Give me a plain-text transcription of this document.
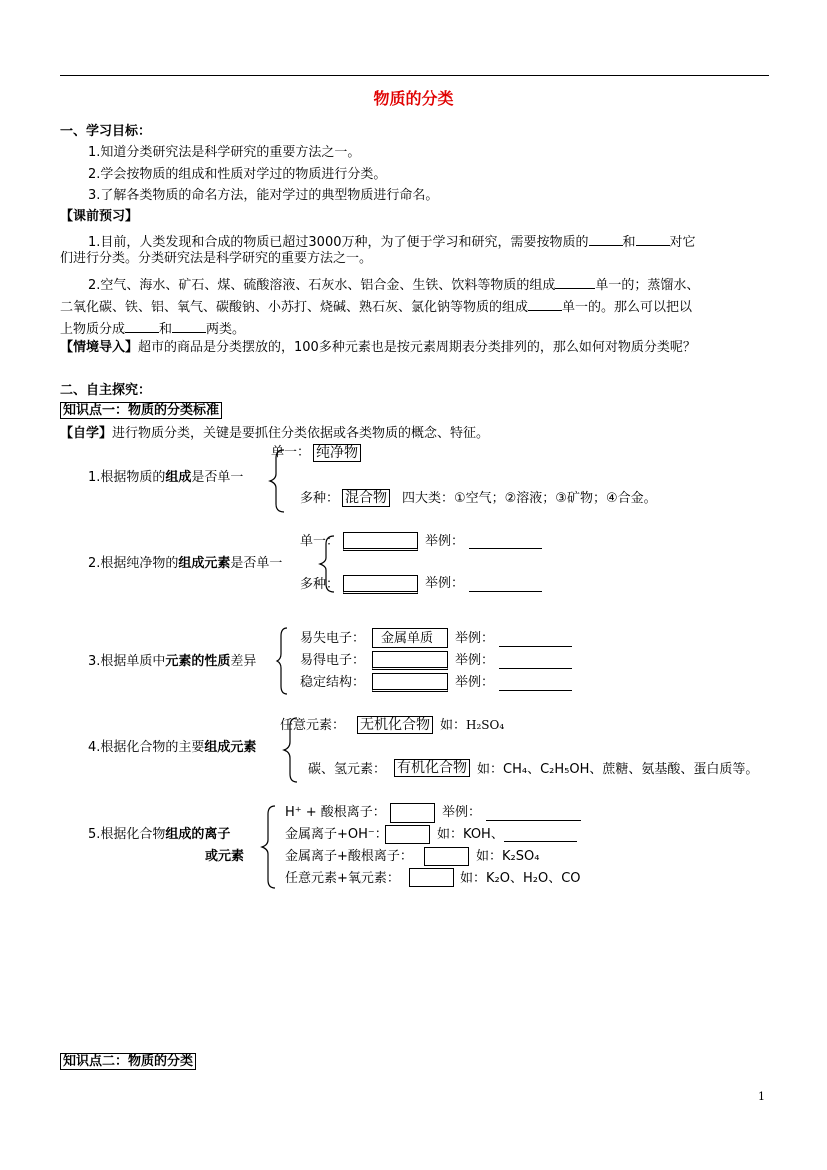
物质的分类
一、学习目标：
1.知道分类研究法是科学研究的重要方法之一。
2.学会按物质的组成和性质对学过的物质进行分类。
3.了解各类物质的命名方法，能对学过的典型物质进行命名。
【课前预习】
1.目前，人类发现和合成的物质已超过3000万种，为了便于学习和研究，需要按物质的	和	对它
们进行分类。分类研究法是科学研究的重要方法之一。
2.空气、海水、矿石、煤、硫酸溶液、石灰水、铝合金、生铁、饮料等物质的组成	单一的；蒸馏水、
二氧化碳、铁、铝、氧气、碳酸钠、小苏打、烧碱、熟石灰、氯化钠等物质的组成	单一的。那么可以把以
上物质分成	和	两类。
【情境导入】超市的商品是分类摆放的，100多种元素也是按元素周期表分类排列的，那么如何对物质分类呢？
二、自主探究：
知识点一：物质的分类标准
【自学】进行物质分类，关键是要抓住分类依据或各类物质的概念、特征。
1.根据物质的组成是否单一
单一： 纯净物
多种： 混合物 四大类：①空气；②溶液；③矿物；④合金。
2.根据纯净物的组成元素是否单一
单一：	举例：
多种：	举例：
3.根据单质中元素的性质差异
易失电子： 金属单质 举例：
易得电子：	举例：
稳定结构：	举例：
4.根据化合物的主要组成元素
任意元素： 无机化合物 如：H₂SO₄
碳、氢元素： 有机化合物 如：CH₄、C₂H₅OH、蔗糖、氨基酸、蛋白质等。
5.根据化合物组成的离子
或元素
H⁺ + 酸根离子：	举例：
金属离子+OH⁻：	如：KOH、
金属离子+酸根离子：	如：K₂SO₄
任意元素+氧元素：	如：K₂O、H₂O、CO
知识点二：物质的分类
1
